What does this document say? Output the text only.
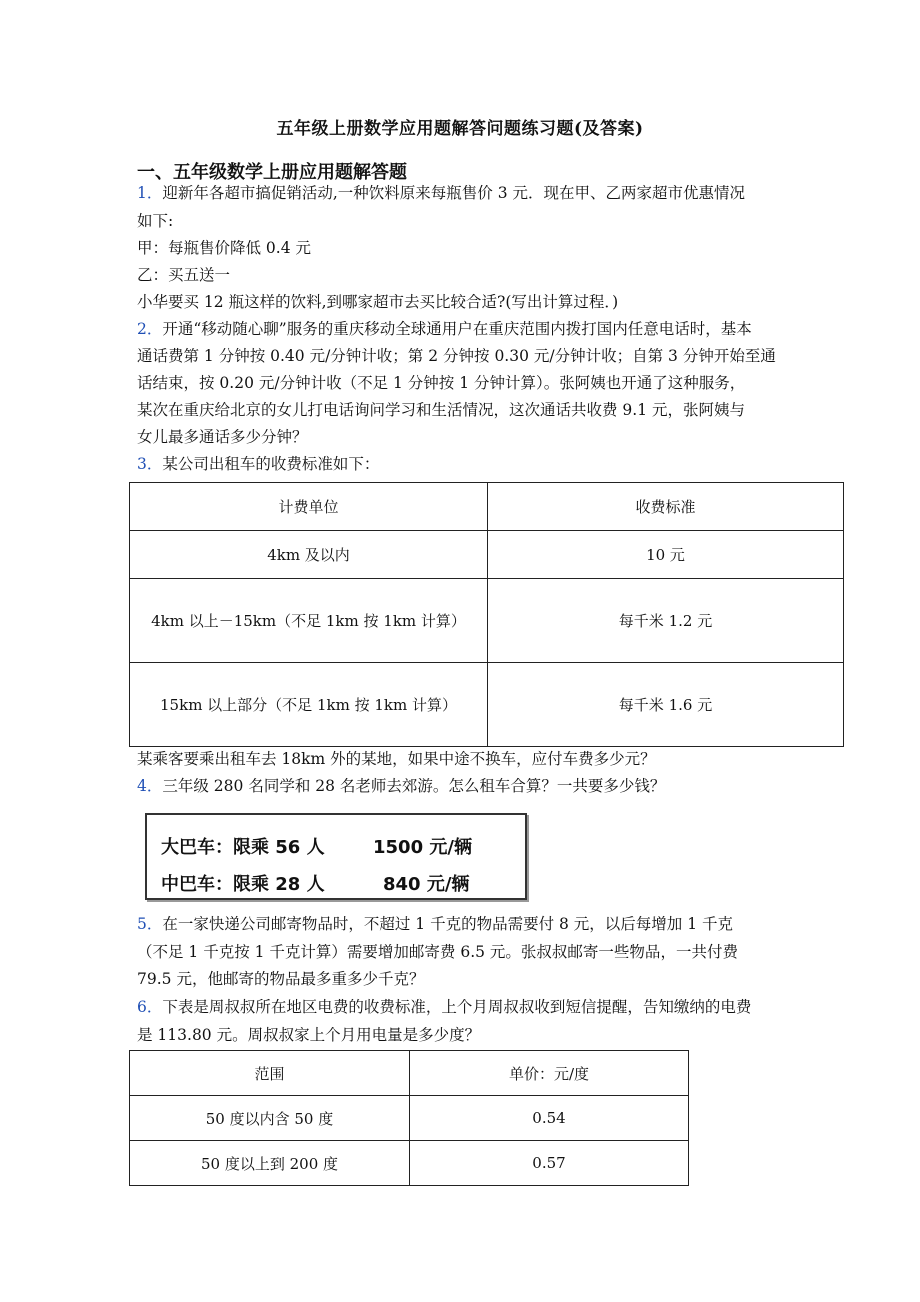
五年级上册数学应用题解答问题练习题(及答案)
一、五年级数学上册应用题解答题
1．迎新年各超市搞促销活动,一种饮料原来每瓶售价 3 元．现在甲、乙两家超市优惠情况
如下:
甲：每瓶售价降低 0.4 元
乙：买五送一
小华要买 12 瓶这样的饮料,到哪家超市去买比较合适?(写出计算过程．)
2．开通“移动随心聊”服务的重庆移动全球通用户在重庆范围内拨打国内任意电话时，基本
通话费第 1 分钟按 0.40 元/分钟计收；第 2 分钟按 0.30 元/分钟计收；自第 3 分钟开始至通
话结束，按 0.20 元/分钟计收（不足 1 分钟按 1 分钟计算）。张阿姨也开通了这种服务，
某次在重庆给北京的女儿打电话询问学习和生活情况，这次通话共收费 9.1 元，张阿姨与
女儿最多通话多少分钟？
3．某公司出租车的收费标准如下：
计费单位	收费标准
4km 及以内	10 元
4km 以上－15km（不足 1km 按 1km 计算）	每千米 1.2 元
15km 以上部分（不足 1km 按 1km 计算）	每千米 1.6 元
某乘客要乘出租车去 18km 外的某地，如果中途不换车，应付车费多少元？
4．三年级 280 名同学和 28 名老师去郊游。怎么租车合算？一共要多少钱？
大巴车：限乘 56 人	1500 元/辆
中巴车：限乘 28 人	840 元/辆
5．在一家快递公司邮寄物品时，不超过 1 千克的物品需要付 8 元，以后每增加 1 千克
（不足 1 千克按 1 千克计算）需要增加邮寄费 6.5 元。张叔叔邮寄一些物品，一共付费
79.5 元，他邮寄的物品最多重多少千克？
6．下表是周叔叔所在地区电费的收费标准，上个月周叔叔收到短信提醒，告知缴纳的电费
是 113.80 元。周叔叔家上个月用电量是多少度？
范围	单价：元/度
50 度以内含 50 度	0.54
50 度以上到 200 度	0.57
